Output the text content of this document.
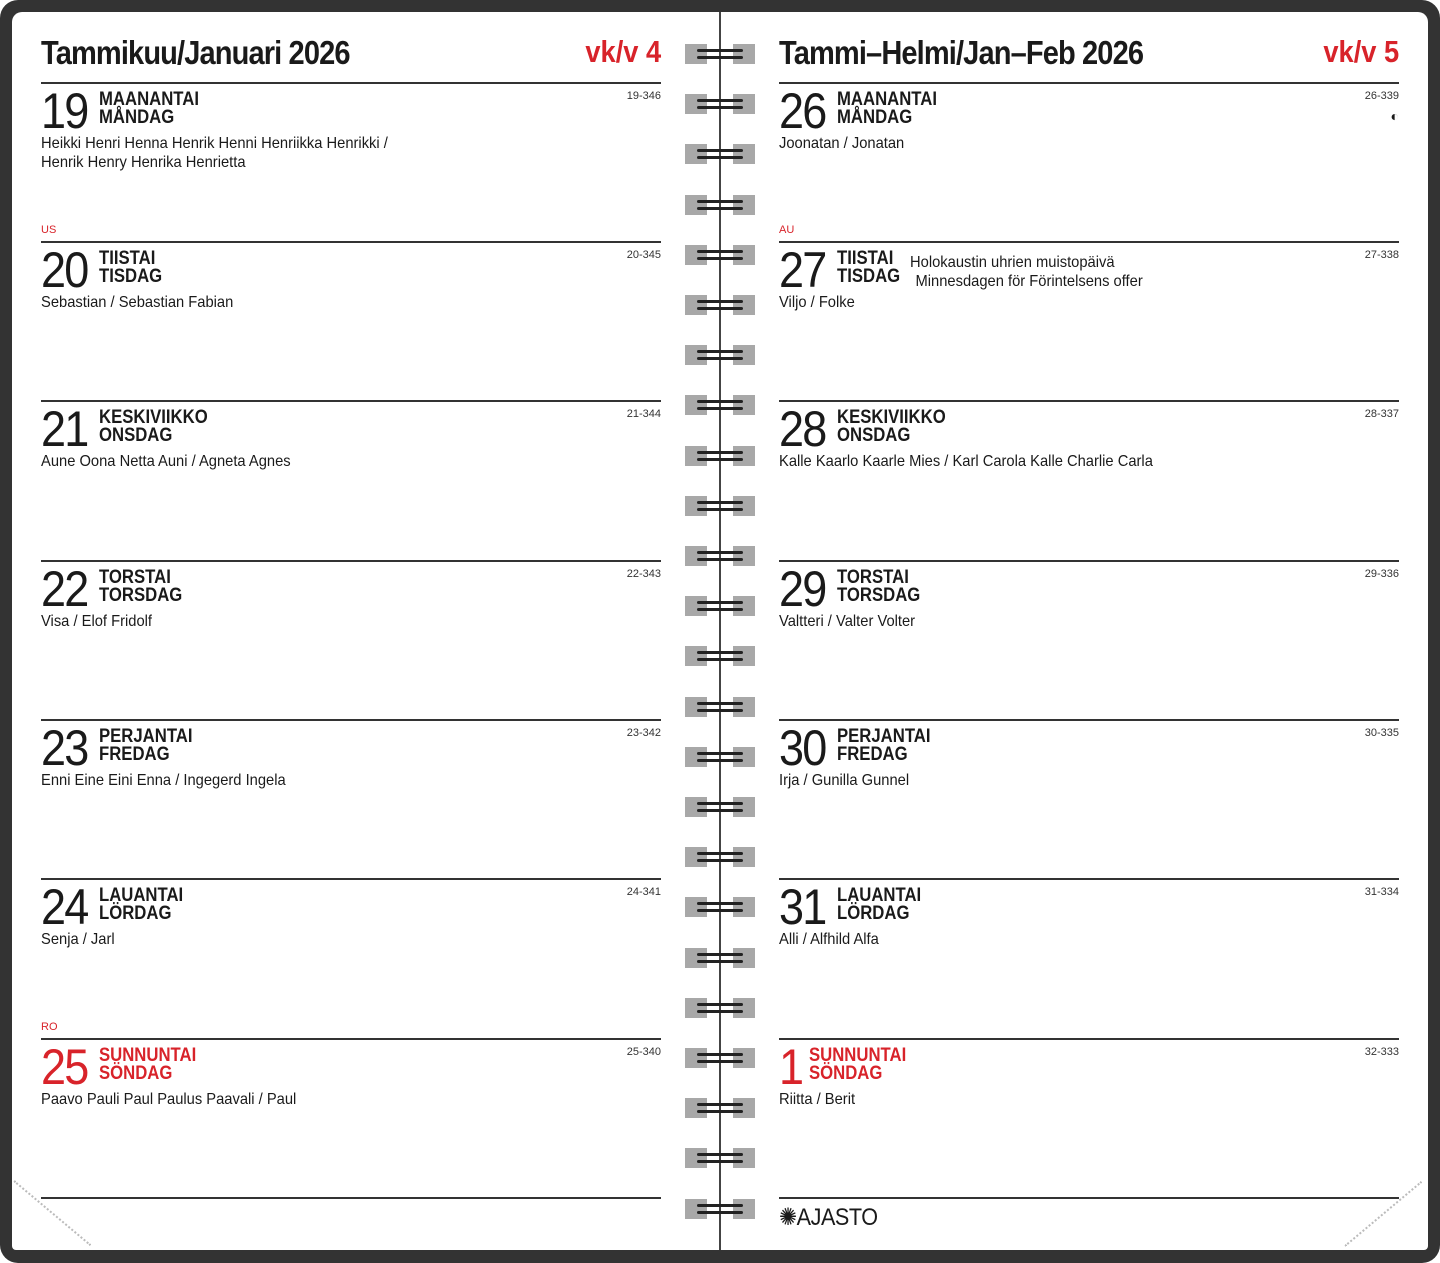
Tammikuu/Januari 2026	vk/v 4
19 MAANANTAI
MÅNDAG
19-346
Heikki Henri Henna Henrik Henni Henriikka Henrikki /
Henrik Henry Henrika Henrietta
20 TIISTAI
TISDAG
20-345
Sebastian / Sebastian Fabian
US
21 KESKIVIIKKO
ONSDAG
21-344
Aune Oona Netta Auni / Agneta Agnes
22 TORSTAI
TORSDAG
22-343
Visa / Elof Fridolf
23 PERJANTAI
FREDAG
23-342
Enni Eine Eini Enna / Ingegerd Ingela
24 LAUANTAI
LÖRDAG
24-341
Senja / Jarl
25 SUNNUNTAI
SÖNDAG
25-340
Paavo Pauli Paul Paulus Paavali / Paul
RO
Tammi–Helmi/Jan–Feb 2026	vk/v 5
✺AJASTO
26 MAANANTAI
MÅNDAG
26-339
Joonatan / Jonatan
◐
27 TIISTAI
TISDAG
27-338
Viljo / Folke
Holokaustin uhrien muistopäivä
Minnesdagen för Förintelsens offer
AU
28 KESKIVIIKKO
ONSDAG
28-337
Kalle Kaarlo Kaarle Mies / Karl Carola Kalle Charlie Carla
29 TORSTAI
TORSDAG
29-336
Valtteri / Valter Volter
30 PERJANTAI
FREDAG
30-335
Irja / Gunilla Gunnel
31 LAUANTAI
LÖRDAG
31-334
Alli / Alfhild Alfa
1 SUNNUNTAI
SÖNDAG
32-333
Riitta / Berit
